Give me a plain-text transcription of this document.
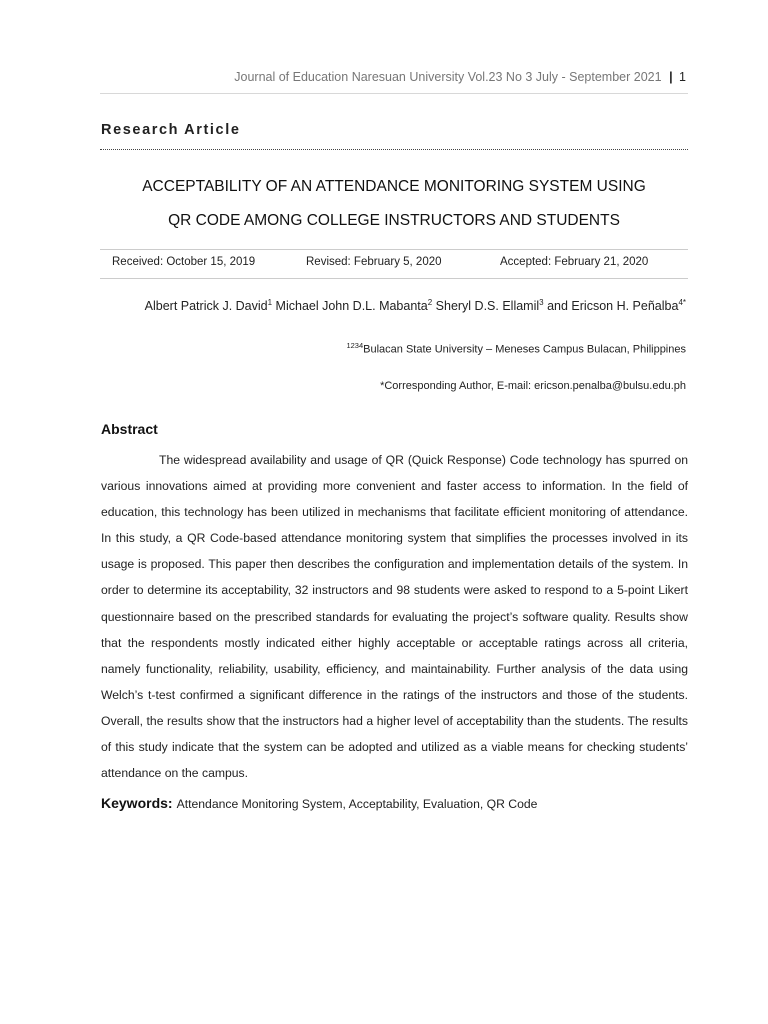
Journal of Education Naresuan University Vol.23 No 3 July - September 2021 | 1
Research Article
ACCEPTABILITY OF AN ATTENDANCE MONITORING SYSTEM USING
QR CODE AMONG COLLEGE INSTRUCTORS AND STUDENTS
Received: October 15, 2019	Revised: February 5, 2020	Accepted: February 21, 2020
Albert Patrick J. David$^1$ Michael John D.L. Mabanta$^2$ Sheryl D.S. Ellamil$^3$ and Ericson H. Peñalba$^{4*}$
$^{1234}$Bulacan State University – Meneses Campus Bulacan, Philippines
*Corresponding Author, E-mail: ericson.penalba@bulsu.edu.ph
Abstract
The widespread availability and usage of QR (Quick Response) Code technology has spurred on various innovations aimed at providing more convenient and faster access to information. In the field of education, this technology has been utilized in mechanisms that facilitate efficient monitoring of attendance. In this study, a QR Code-based attendance monitoring system that simplifies the processes involved in its usage is proposed. This paper then describes the configuration and implementation details of the system. In order to determine its acceptability, 32 instructors and 98 students were asked to respond to a 5-point Likert questionnaire based on the prescribed standards for evaluating the project’s software quality. Results show that the respondents mostly indicated either highly acceptable or acceptable ratings across all criteria, namely functionality, reliability, usability, efficiency, and maintainability. Further analysis of the data using Welch’s t-test confirmed a significant difference in the ratings of the instructors and those of the students. Overall, the results show that the instructors had a higher level of acceptability than the students. The results of this study indicate that the system can be adopted and utilized as a viable means for checking students’ attendance on the campus.
Keywords: Attendance Monitoring System, Acceptability, Evaluation, QR Code
